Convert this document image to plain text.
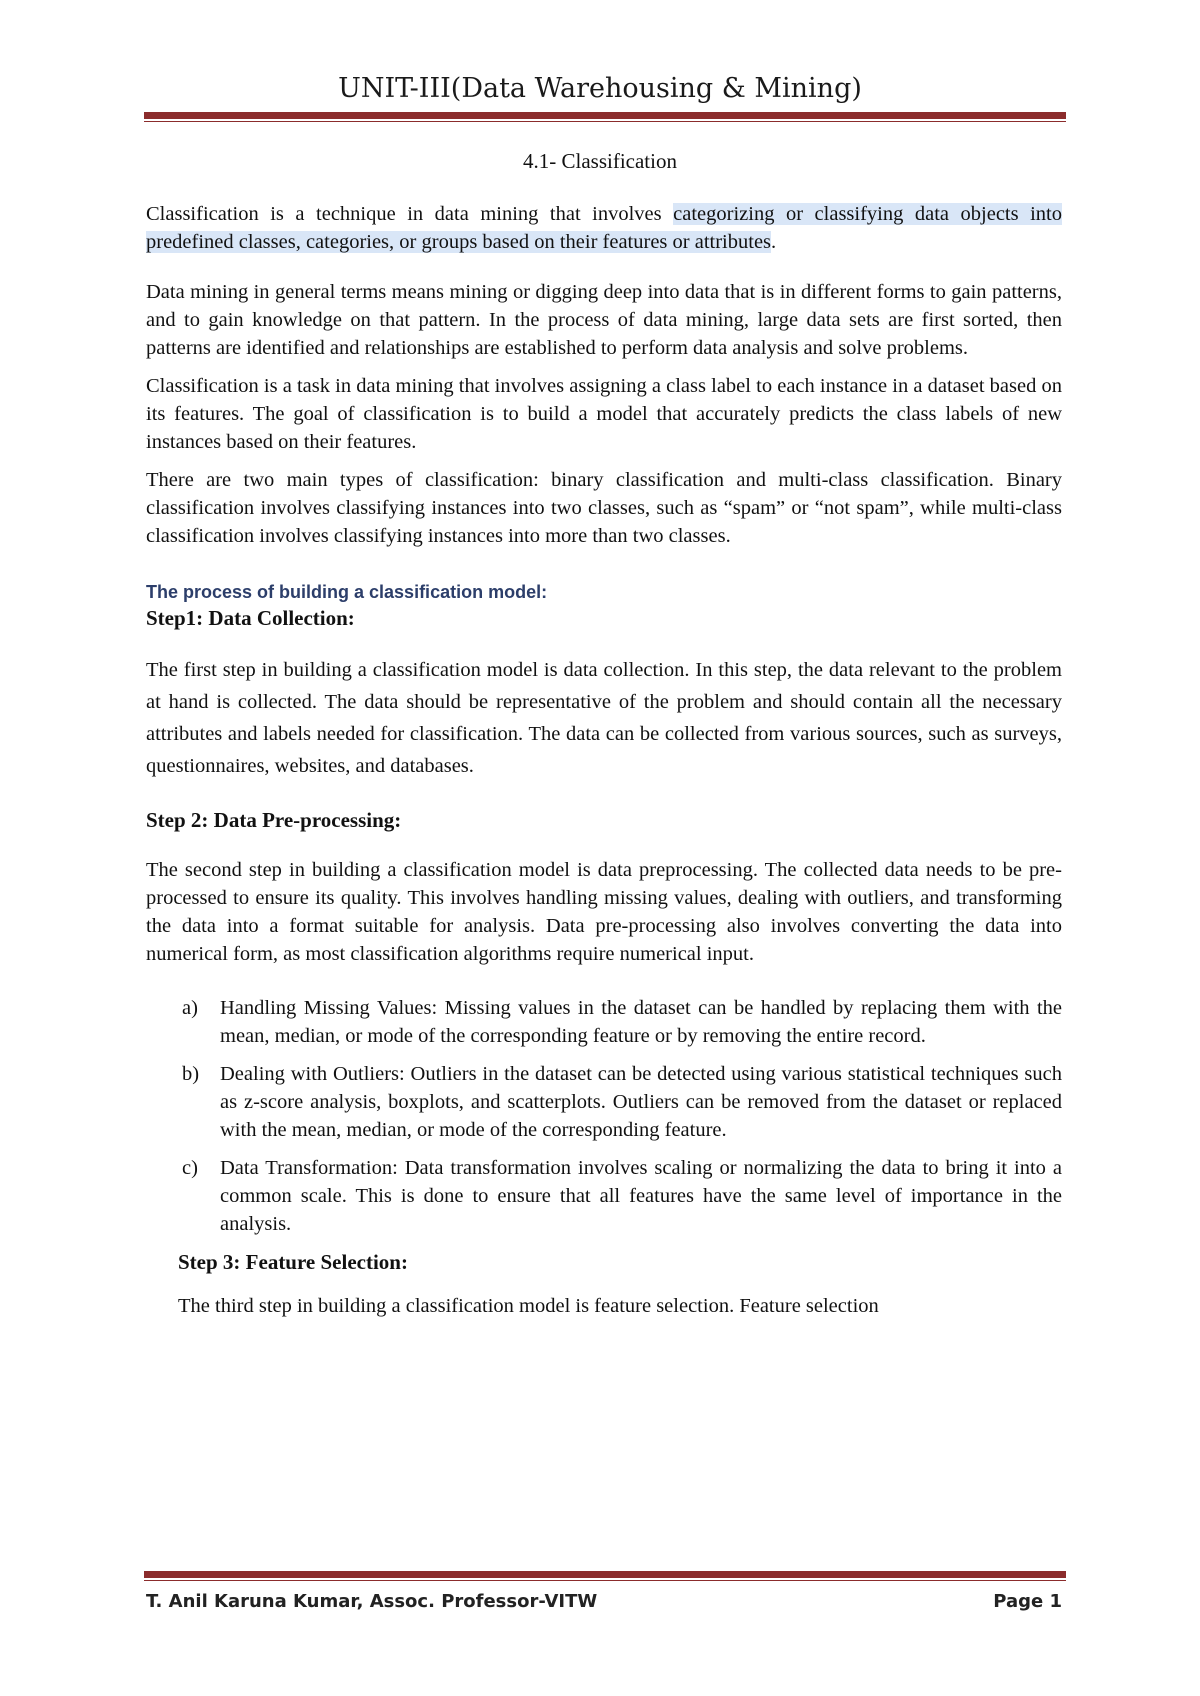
UNIT-III(Data Warehousing & Mining)
4.1- Classification

Classification is a technique in data mining that involves categorizing or classifying data objects into predefined classes, categories, or groups based on their features or attributes.

Data mining in general terms means mining or digging deep into data that is in different forms to gain patterns, and to gain knowledge on that pattern. In the process of data mining, large data sets are first sorted, then patterns are identified and relationships are established to perform data analysis and solve problems.

Classification is a task in data mining that involves assigning a class label to each instance in a dataset based on its features. The goal of classification is to build a model that accurately predicts the class labels of new instances based on their features.

There are two main types of classification: binary classification and multi-class classification. Binary classification involves classifying instances into two classes, such as “spam” or “not spam”, while multi-class classification involves classifying instances into more than two classes.

The process of building a classification model:

Step1: Data Collection:

The first step in building a classification model is data collection. In this step, the data relevant to the problem at hand is collected. The data should be representative of the problem and should contain all the necessary attributes and labels needed for classification. The data can be collected from various sources, such as surveys, questionnaires, websites, and databases.

Step 2: Data Pre-processing:

The second step in building a classification model is data preprocessing. The collected data needs to be pre-processed to ensure its quality. This involves handling missing values, dealing with outliers, and transforming the data into a format suitable for analysis. Data pre-processing also involves converting the data into numerical form, as most classification algorithms require numerical input.

a) Handling Missing Values: Missing values in the dataset can be handled by replacing them with the mean, median, or mode of the corresponding feature or by removing the entire record.
b) Dealing with Outliers: Outliers in the dataset can be detected using various statistical techniques such as z-score analysis, boxplots, and scatterplots. Outliers can be removed from the dataset or replaced with the mean, median, or mode of the corresponding feature.
c) Data Transformation: Data transformation involves scaling or normalizing the data to bring it into a common scale. This is done to ensure that all features have the same level of importance in the analysis.

Step 3: Feature Selection:

The third step in building a classification model is feature selection. Feature selection

T. Anil Karuna Kumar, Assoc. Professor-VITW	Page 1
